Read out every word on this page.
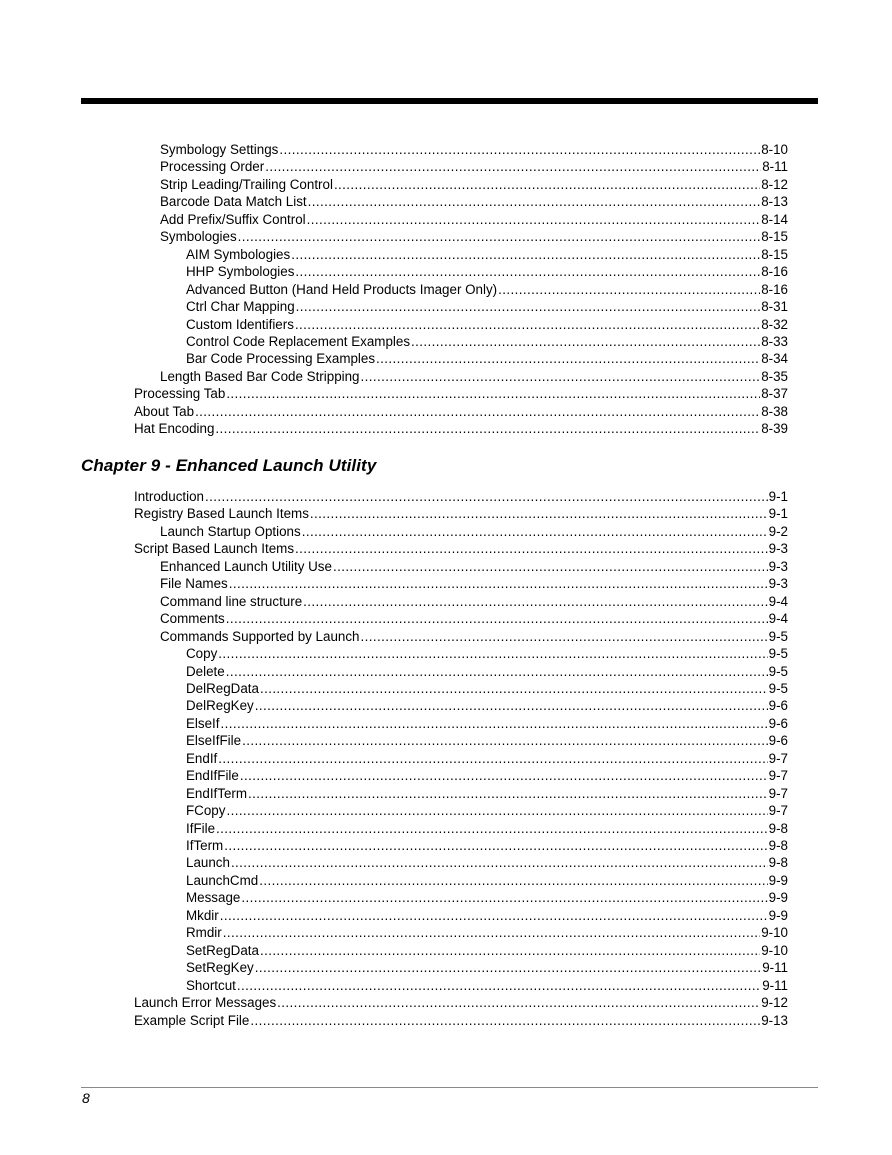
Symbology Settings .....	8-10
Processing Order .....	8-11
Strip Leading/Trailing Control .....	8-12
Barcode Data Match List .....	8-13
Add Prefix/Suffix Control .....	8-14
Symbologies .....	8-15
AIM Symbologies .....	8-15
HHP Symbologies .....	8-16
Advanced Button (Hand Held Products Imager Only) .....	8-16
Ctrl Char Mapping .....	8-31
Custom Identifiers .....	8-32
Control Code Replacement Examples .....	8-33
Bar Code Processing Examples .....	8-34
Length Based Bar Code Stripping .....	8-35
Processing Tab .....	8-37
About Tab .....	8-38
Hat Encoding .....	8-39
Chapter 9 - Enhanced Launch Utility
Introduction .....	9-1
Registry Based Launch Items .....	9-1
Launch Startup Options .....	9-2
Script Based Launch Items .....	9-3
Enhanced Launch Utility Use .....	9-3
File Names .....	9-3
Command line structure .....	9-4
Comments .....	9-4
Commands Supported by Launch .....	9-5
Copy .....	9-5
Delete .....	9-5
DelRegData .....	9-5
DelRegKey .....	9-6
ElseIf .....	9-6
ElseIfFile .....	9-6
EndIf .....	9-7
EndIfFile .....	9-7
EndIfTerm .....	9-7
FCopy .....	9-7
IfFile .....	9-8
IfTerm .....	9-8
Launch .....	9-8
LaunchCmd .....	9-9
Message .....	9-9
Mkdir .....	9-9
Rmdir .....	9-10
SetRegData .....	9-10
SetRegKey .....	9-11
Shortcut .....	9-11
Launch Error Messages .....	9-12
Example Script File .....	9-13
8
